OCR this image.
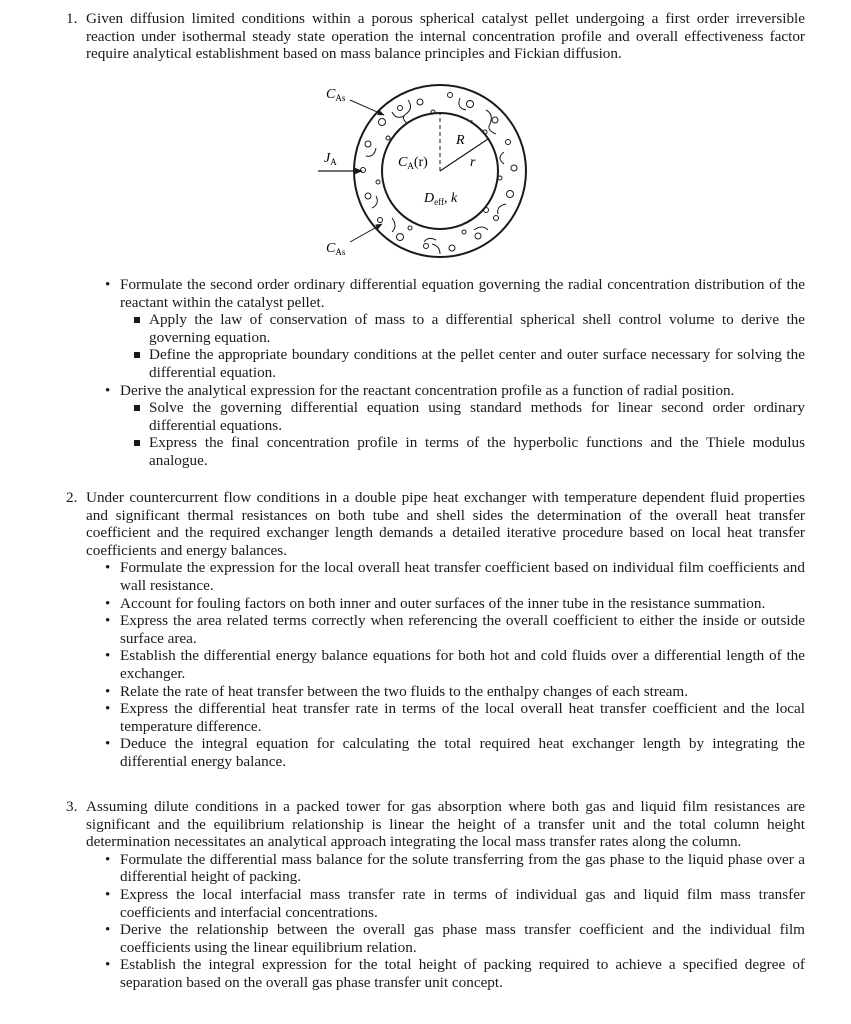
1. Given diffusion limited conditions within a porous spherical catalyst pellet undergoing a first order irreversible reaction under isothermal steady state operation the internal concentration profile and overall effectiveness factor require analytical establishment based on mass balance principles and Fickian diffusion.
$C_{As}$
$C_{As}$
$J_A$	$C_A(r)$
R
r
$D_{eff}$, k
• Formulate the second order ordinary differential equation governing the radial concentration distribution of the reactant within the catalyst pellet.
Apply the law of conservation of mass to a differential spherical shell control volume to derive the governing equation.
Define the appropriate boundary conditions at the pellet center and outer surface necessary for solving the differential equation.
• Derive the analytical expression for the reactant concentration profile as a function of radial position.
Solve the governing differential equation using standard methods for linear second order ordinary differential equations.
Express the final concentration profile in terms of the hyperbolic functions and the Thiele modulus analogue.
2. Under countercurrent flow conditions in a double pipe heat exchanger with temperature dependent fluid properties and significant thermal resistances on both tube and shell sides the determination of the overall heat transfer coefficient and the required exchanger length demands a detailed iterative procedure based on local heat transfer coefficients and energy balances.
• Formulate the expression for the local overall heat transfer coefficient based on individual film coefficients and wall resistance.
• Account for fouling factors on both inner and outer surfaces of the inner tube in the resistance summation.
• Express the area related terms correctly when referencing the overall coefficient to either the inside or outside surface area.
• Establish the differential energy balance equations for both hot and cold fluids over a differential length of the exchanger.
• Relate the rate of heat transfer between the two fluids to the enthalpy changes of each stream.
• Express the differential heat transfer rate in terms of the local overall heat transfer coefficient and the local temperature difference.
• Deduce the integral equation for calculating the total required heat exchanger length by integrating the differential energy balance.
3. Assuming dilute conditions in a packed tower for gas absorption where both gas and liquid film resistances are significant and the equilibrium relationship is linear the height of a transfer unit and the total column height determination necessitates an analytical approach integrating the local mass transfer rates along the column.
• Formulate the differential mass balance for the solute transferring from the gas phase to the liquid phase over a differential height of packing.
• Express the local interfacial mass transfer rate in terms of individual gas and liquid film mass transfer coefficients and interfacial concentrations.
• Derive the relationship between the overall gas phase mass transfer coefficient and the individual film coefficients using the linear equilibrium relation.
• Establish the integral expression for the total height of packing required to achieve a specified degree of separation based on the overall gas phase transfer unit concept.
